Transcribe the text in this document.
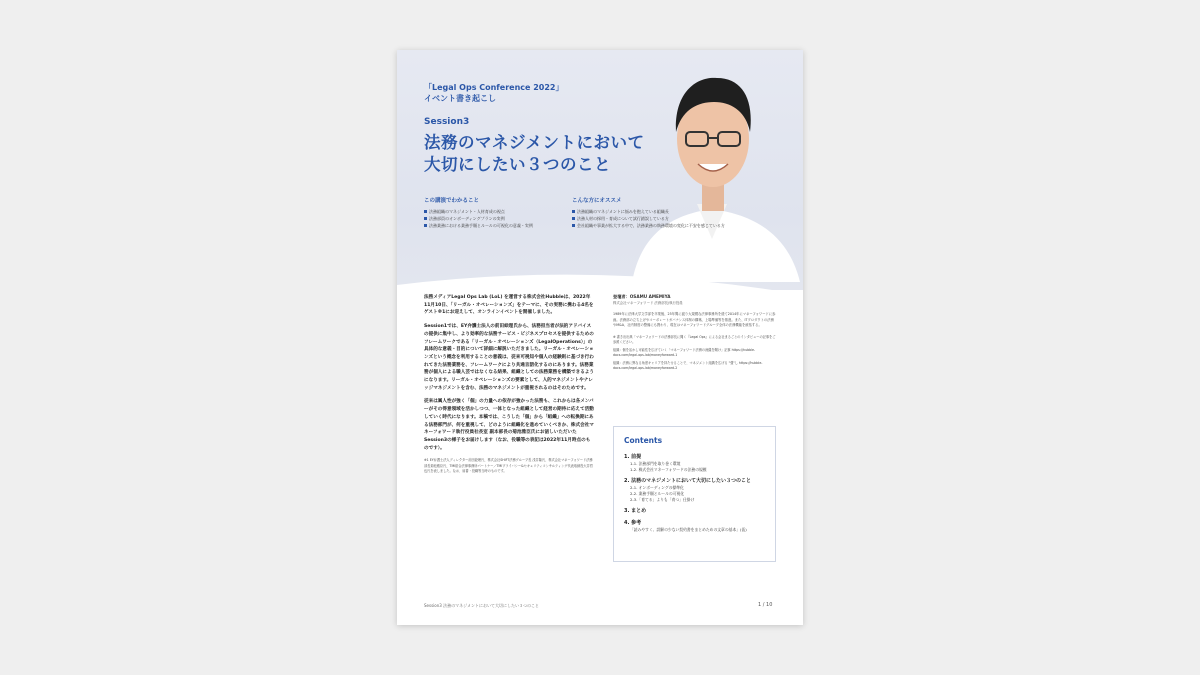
「Legal Ops Conference 2022」
イベント書き起こし
Session3
法務のマネジメントにおいて
大切にしたい３つのこと
この講演でわかること
法務組織のマネジメント・人材育成の視点
法務部員のオンボーディングプランの実例
法務業務における業務手順とルールの可視化の意義・実例
こんな方にオススメ
法務組織のマネジメントに悩みを抱えている組織長
法務人材の採用・育成について試行錯誤している方
会社組織や事業が拡大する中で、法務業務の執務環境の変化に不安を感じている方

法務メディアLegal Ops Lab (LoL) を運営する株式会社Hubbleは、2022年11月10日、「リーガル・オペレーションズ」をテーマに、その実務に携わる4名をゲスト※1にお迎えして、オンラインイベントを開催しました。

Session1では、EY弁護士法人の前田絵理氏から、法務担当者が法的アドバイスの提供に集中し、より効率的な法務サービス・ビジネスプロセスを提供するためのフレームワークである「リーガル・オペレーションズ（LegalOperations）」の具体的な意義・目的について詳細に解説いただきました。リーガル・オペレーションズという概念を利用することの意義は、従来可視知や個人の経験則に基づき行われてきた法務業務を、フレームワークにより共通言語化するのにあります。法務業務が個人による職人芸ではなくなる結果、組織としての法務業務を構築できるようになります。リーガル・オペレーションズの要素として、人的マネジメントやナレッジマネジメントを含む、法務のマネジメントが重視されるのはそのためです。

従来は属人性が強く「個」の力量への依存が強かった法務も、これからは各メンバーがその得意領域を活かしつつ、一体となった組織として経営の期待に応えて活動していく時代になります。本稿では、こうした「個」から「組織」への転換期にある法務部門が、何を重視して、どのように組織化を進めていくべきか、株式会社マネーフォワード執行役員社長室 副本部長の菊池雅臣氏にお話しいただいたSession3の様子をお届けします（なお、役職等の表記は2022年11月時点のものです）。

※1 EY弁護士法人ディレクター前田絵理氏、株式会社SHIFT法務グループ長 浅井隆氏、株式会社マネーフォワード法務部長菊池雅臣氏、TMI総合法律事務所パートナー／TMIプライバシー&セキュリティコンサルティング代表取締役大井哲也氏を表しました。なお、肩書・役職等当時のものです。

登壇者：OSAMU AMEMIYA
株式会社マネーフォワード 法務部長/執行役員

1989年に法律大学文学部を卒業後、25年間に渡り大規模な法律事務所を経て2014年にマネーフォワードに参画。法務部の立ち上げやコーポレートガバナンス体制の構築、上場準備等を推進。また、ITプロダクトの法務やM&A、社内制度の整備にも携わり、現在はマネーフォワードグループ全体の法務機能を統括する。

※ 書き出出典「マネーフォワードの法務部長に聞く『Legal Ops』による会社まるごとのインタビューの記事をご参照ください。

組織：個を活かし可能性を広げていく「マネーフォワード法務の流儀を聞け」記事 https://hubble-docs.com/legal-ops-lab/moneyforward-1

組織：法務に異なる角度キャリアを持たせることで、マネジメント組織を広げる "強"し https://hubble-docs.com/legal-ops-lab/moneyforward-2

Contents
1. 前提
1-1. 法務部門を取り巻く環境
1-2. 株式会社マネーフォワードの法務の規模
2. 法務のマネジメントにおいて大切にしたい３つのこと
2-1. オンボーディングの標準化
2-2. 業務手順とルールの可視化
2-3.「育てる」よりも「育つ」仕掛け
3. まとめ
4. 参考
「読みやすく、誤解の少ない契約書をまとめための文章の基本」(仮)
Session3 法務のマネジメントにおいて大切にしたい３つのこと	1 / 10
